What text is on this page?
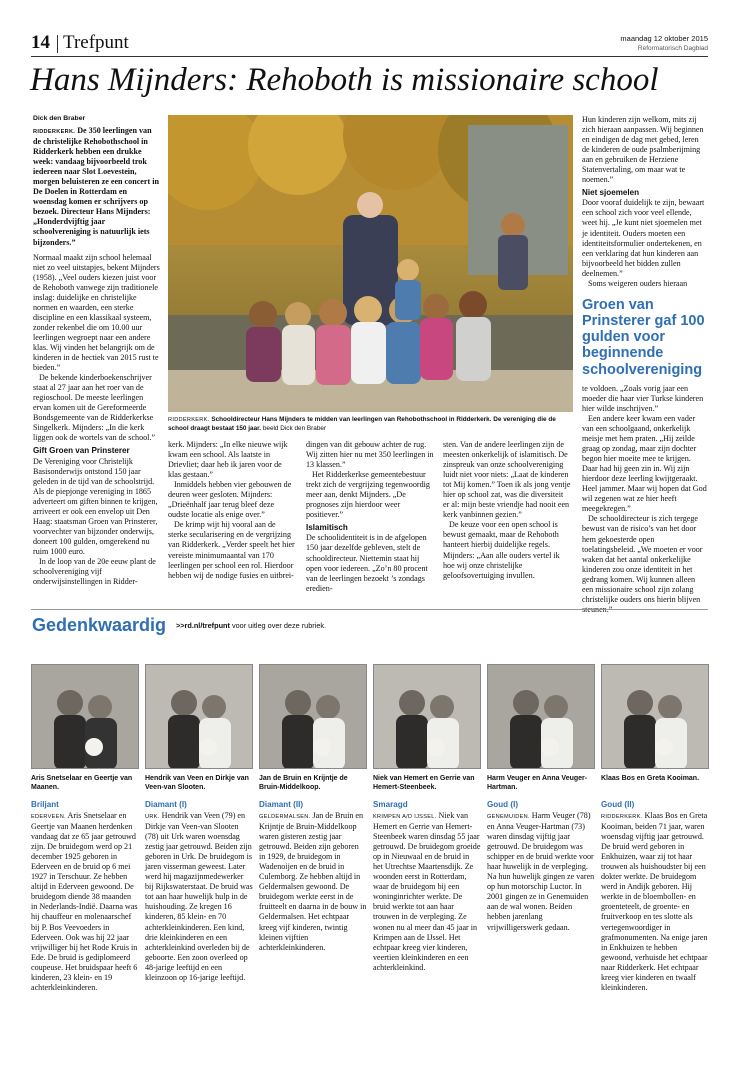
14 Trefpunt	maandag 12 oktober 2015
Reformatorisch Dagblad
Hans Mijnders: Rehoboth is missionaire school
Dick den Braber

RIDDERKERK. De 350 leerlingen van de christelijke Rehobothschool in Ridderkerk hebben een drukke week: vandaag bijvoorbeeld trok iedereen naar Slot Loevestein, morgen beluisteren ze een concert in De Doelen in Rotterdam en woensdag komen er schrijvers op bezoek. Directeur Hans Mijnders: „Honderdvijftig jaar schoolvereniging is natuurlijk iets bijzonders.”

Normaal maakt zijn school helemaal niet zo veel uitstapjes, bekent Mijnders (1958). „Veel ouders kiezen juist voor de Rehoboth vanwege zijn traditionele inslag: duidelijke en christelijke normen en waarden, een sterke discipline en een klassikaal systeem, zonder rekenbel die om 10.00 uur leerlingen wegroept naar een andere klas. Wij vinden het belangrijk om de kinderen in de hectiek van 2015 rust te bieden.”

De bekende kinderboekenschrijver staat al 27 jaar aan het roer van de regioschool. De meeste leerlingen ervan komen uit de Gereformeerde Bondsgemeente van de Ridderkerkse Singelkerk. Mijnders: „In die kerk liggen ook de wortels van de school.”

Gift Groen van Prinsterer

De Vereniging voor Christelijk Basisonderwijs ontstond 150 jaar geleden in de tijd van de schoolstrijd. Als de piepjonge vereniging in 1865 adverteert om giften binnen te krijgen, arriveert er ook een envelop uit Den Haag: staatsman Groen van Prinsterer, voorvechter van bijzonder onderwijs, doneert 100 gulden, omgerekend nu ruim 1000 euro.

In de loop van de 20e eeuw plant de schoolvereniging vijf onderwijsinstellingen in Ridder-

RIDDERKERK. Schooldirecteur Hans Mijnders te midden van leerlingen van Rehobothschool in Ridderkerk. De vereniging die de school draagt bestaat 150 jaar. beeld Dick den Braber

kerk. Mijnders: „In elke nieuwe wijk kwam een school. Als laatste in Drievliet; daar heb ik jaren voor de klas gestaan.”

Inmiddels hebben vier gebouwen de deuren weer gesloten. Mijnders: „Drieënhalf jaar terug bleef deze oudste locatie als enige over.”

De krimp wijt hij vooral aan de sterke secularisering en de vergrijzing van Ridderkerk. „Verder speelt het hier vereiste minimumaantal van 170 leerlingen per school een rol. Hierdoor hebben wij de nodige fusies en uitbrei-

dingen van dit gebouw achter de rug. Wij zitten hier nu met 350 leerlingen in 13 klassen.”

Het Ridderkerkse gemeentebestuur trekt zich de vergrijzing tegenwoordig meer aan, denkt Mijnders. „De prognoses zijn hierdoor weer positiever.”

Islamitisch

De schoolidentiteit is in de afgelopen 150 jaar dezelfde gebleven, stelt de schooldirecteur. Niettemin staat hij open voor iedereen. „Zo’n 80 procent van de leerlingen bezoekt ’s zondags eredien-

sten. Van de andere leerlingen zijn de meesten onkerkelijk of islamitisch. De zinspreuk van onze schoolvereniging luidt niet voor niets: „Laat de kinderen tot Mij komen.” Toen ik als jong ventje hier op school zat, was die diversiteit er al: mijn beste vriendje had nooit een kerk vanbinnen gezien.”

De keuze voor een open school is bewust gemaakt, maar de Rehoboth hanteert hierbij duidelijke regels. Mijnders: „Aan alle ouders vertel ik hoe wij onze christelijke geloofsovertuiging invullen.

Hun kinderen zijn welkom, mits zij zich hieraan aanpassen. Wij beginnen en eindigen de dag met gebed, leren de kinderen de oude psalmberijming aan en gebruiken de Herziene Statenvertaling, om maar wat te noemen.”

Niet sjoemelen

Door vooraf duidelijk te zijn, bewaart een school zich voor veel ellende, weet hij. „Je kunt niet sjoemelen met je identiteit. Ouders moeten een identiteitsformulier ondertekenen, en een verklaring dat hun kinderen aan bijvoorbeeld het bidden zullen deelnemen.”

Soms weigeren ouders hieraan

Groen van Prinsterer gaf 100 gulden voor beginnende schoolvereniging

te voldoen. „Zoals vorig jaar een moeder die haar vier Turkse kinderen hier wilde inschrijven.”

Een andere keer kwam een vader van een schoolgaand, onkerkelijk meisje met hem praten. „Hij zeilde graag op zondag, maar zijn dochter begon hier moeite mee te krijgen. Daar had hij geen zin in. Wij zijn hierdoor deze leerling kwijtgeraakt. Heel jammer. Maar wij hopen dat God wil zegenen wat ze hier heeft meegekregen.”

De schooldirecteur is zich tergege bewust van de risico’s van het door hem gekoesterde open toelatingsbeleid. „We moeten er voor waken dat het aantal onkerkelijke kinderen zou onze identiteit in het gedrang komen. Wij kunnen alleen een missionaire school zijn zolang christelijke ouders ons hierin blijven

Gedenkwaardig >>rd.nl/trefpunt voor uitleg over deze rubriek.
Aris Snetselaar en Geertje van Maanen.
Briljant
EDERVEEN. Aris Snetselaar en Geertje van Maanen herdenken vandaag dat ze 65 jaar getrouwd zijn. De bruidegom werd op 21 december 1925 geboren in Ederveen en de bruid op 6 mei 1927 in Terschuur. Ze hebben altijd in Ederveen gewoond. De bruidegom diende 38 maanden in Nederlands-Indië. Daarna was hij chauffeur en molenaarschef bij P. Bos Veevoeders in Ederveen. Ook was hij 22 jaar vrijwilliger bij het Rode Kruis in Ede. De bruid is gediplomeerd coupeuse. Het bruidspaar heeft 6 kinderen, 23 klein- en 19 achterkleinkinderen.
Hendrik van Veen en Dirkje van Veen-van Slooten.
Diamant (I)
URK. Hendrik van Veen (79) en Dirkje van Veen-van Slooten (78) uit Urk waren woensdag zestig jaar getrouwd. Beiden zijn geboren in Urk. De bruidegom is jaren visserman geweest. Later werd hij magazijnmedewerker bij Rijkswaterstaat. De bruid was tot aan haar huwelijk hulp in de huishouding. Ze kregen 16 kinderen, 85 klein- en 70 achterkleinkinderen. Een kind, drie kleinkinderen en een achterkleinkind overleden bij de geboorte. Een zoon overleed op 48-jarige leeftijd en een kleinzoon op 16-jarige leeftijd.
Jan de Bruin en Krijntje de Bruin-Middelkoop.
Diamant (II)
GELDERMALSEN. Jan de Bruin en Krijntje de Bruin-Middelkoop waren gisteren zestig jaar getrouwd. Beiden zijn geboren in 1929, de bruidegom in Wadenoijen en de bruid in Culemborg. Ze hebben altijd in Geldermalsen gewoond. De bruidegom werkte eerst in de fruitteelt en daarna in de bouw in Geldermalsen. Het echtpaar kreeg vijf kinderen, twintig kleinen vijftien achterkleinkinderen.
Niek van Hemert en Gerrie van Hemert-Steenbeek.
Smaragd
KRIMPEN A/D IJSSEL. Niek van Hemert en Gerrie van Hemert-Steenbeek waren dinsdag 55 jaar getrouwd. De bruidegom groeide op in Nieuwaal en de bruid in het Utrechtse Maartensdijk. Ze woonden eerst in Rotterdam, waar de bruidegom bij een woninginrichter werkte. De bruid werkte tot aan haar trouwen in de verpleging. Ze wonen nu al meer dan 45 jaar in Krimpen aan de IJssel. Het echtpaar kreeg vier kinderen, veertien kleinkinderen en een achterkleinkind.
Harm Veuger en Anna Veuger-Hartman.
Goud (I)
GENEMUIDEN. Harm Veuger (78) en Anna Veuger-Hartman (73) waren dinsdag vijftig jaar getrouwd. De bruidegom was schipper en de bruid werkte voor haar huwelijk in de verpleging. Na hun huwelijk gingen ze varen op hun motorschip Luctor. In 2001 gingen ze in Genemuiden aan de wal wonen. Beiden hebben jarenlang vrijwilligerswerk gedaan.
Klaas Bos en Greta Kooiman.
Goud (II)
RIDDERKERK. Klaas Bos en Greta Kooiman, beiden 71 jaar, waren woensdag vijftig jaar getrouwd. De bruid werd geboren in Enkhuizen, waar zij tot haar trouwen als huishoudster bij een dokter werkte. De bruidegom werd in Andijk geboren. Hij werkte in de bloembollen- en groenteteelt, de groente- en fruitverkoop en tes slotte als vertegenwoordiger in grafmonumenten. Na enige jaren in Enkhuizen te hebben gewoond, verhuisde het echtpaar naar Ridderkerk. Het echtpaar kreeg vier kinderen en twaalf kleinkinderen.
